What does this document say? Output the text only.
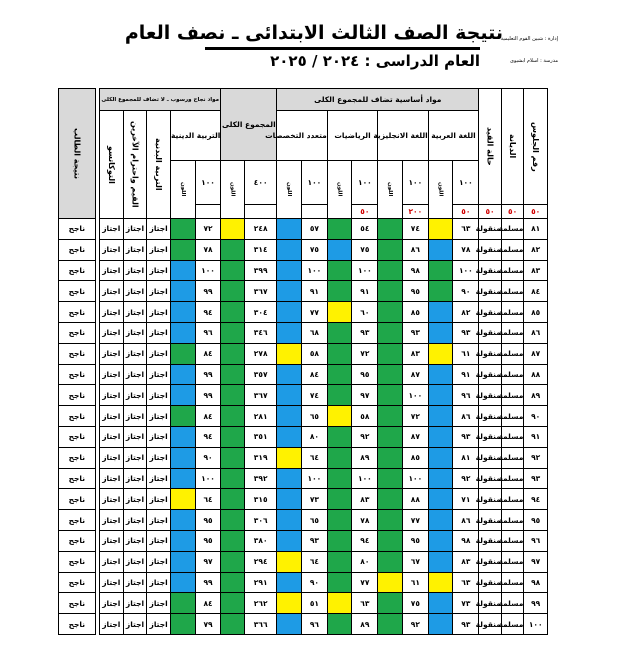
نتيجة الصف الثالث الابتدائى ـ نصف العام
العام الدراسى : ٢٠٢٤ / ٢٠٢٥
إدارة : شبين القوم التعليمية
مدرسة : اسلام ابشيوى
رقم الجلوس	الديانة	حالة القيد	مواد أساسية تضاف للمجموع الكلى								المجموع الكلى		مواد نجاح ورسوب ـ لا تضاف للمجموع الكلى						نتيجة الطالب

			اللغة العربية		اللغة الانجليزية		الرياضيات		متعدد التخصصات				التربية الدينية		التربية البدنية	القيم واحترام الآخرين	التوكاتسو		

			١٠٠	اللون	١٠٠	اللون	١٠٠	اللون	١٠٠	اللون	٤٠٠	اللون	١٠٠	اللون					

٥٠	٥٠	٥٠	٥٠		٢٠٠		٥٠												
٨١	مسلمة	منقولة	٦٣		٧٤		٥٤		٥٧		٢٤٨		٧٢		اجتاز	اجتاز	اجتاز		ناجح
٨٢	مسلمة	منقولة	٧٨		٨٦		٧٥		٧٥		٣١٤		٧٨		اجتاز	اجتاز	اجتاز		ناجح
٨٣	مسلمة	منقولة	١٠٠		٩٨		١٠٠		١٠٠		٣٩٩		١٠٠		اجتاز	اجتاز	اجتاز		ناجح
٨٤	مسلمة	منقولة	٩٠		٩٥		٩١		٩١		٣٦٧		٩٩		اجتاز	اجتاز	اجتاز		ناجح
٨٥	مسلمة	منقولة	٨٢		٨٥		٦٠		٧٧		٣٠٤		٩٤		اجتاز	اجتاز	اجتاز		ناجح
٨٦	مسلمة	منقولة	٩٣		٩٣		٩٣		٦٨		٣٤٦		٩٦		اجتاز	اجتاز	اجتاز		ناجح
٨٧	مسلمة	منقولة	٦١		٨٣		٧٢		٥٨		٢٧٨		٨٤		اجتاز	اجتاز	اجتاز		ناجح
٨٨	مسلمة	منقولة	٩١		٨٧		٩٥		٨٤		٣٥٧		٩٩		اجتاز	اجتاز	اجتاز		ناجح
٨٩	مسلمة	منقولة	٩٦		١٠٠		٩٧		٧٤		٣٦٧		٩٩		اجتاز	اجتاز	اجتاز		ناجح
٩٠	مسلمة	منقولة	٨٦		٧٢		٥٨		٦٥		٢٨١		٨٤		اجتاز	اجتاز	اجتاز		ناجح
٩١	مسلمة	منقولة	٩٣		٨٧		٩٢		٨٠		٣٥١		٩٤		اجتاز	اجتاز	اجتاز		ناجح
٩٢	مسلمة	منقولة	٨١		٨٥		٨٩		٦٤		٣١٩		٩٠		اجتاز	اجتاز	اجتاز		ناجح
٩٣	مسلمة	منقولة	٩٢		١٠٠		١٠٠		١٠٠		٣٩٢		١٠٠		اجتاز	اجتاز	اجتاز		ناجح
٩٤	مسلمة	منقولة	٧١		٨٨		٨٣		٧٣		٣١٥		٦٤		اجتاز	اجتاز	اجتاز		ناجح
٩٥	مسلمة	منقولة	٨٦		٧٧		٧٨		٦٥		٣٠٦		٩٥		اجتاز	اجتاز	اجتاز		ناجح
٩٦	مسلمة	منقولة	٩٨		٩٥		٩٤		٩٣		٣٨٠		٩٥		اجتاز	اجتاز	اجتاز		ناجح
٩٧	مسلمة	منقولة	٨٣		٦٧		٨٠		٦٤		٢٩٤		٩٧		اجتاز	اجتاز	اجتاز		ناجح
٩٨	مسلمة	منقولة	٦٣		٦١		٧٧		٩٠		٢٩١		٩٩		اجتاز	اجتاز	اجتاز		ناجح
٩٩	مسلمة	منقولة	٧٣		٧٥		٦٣		٥١		٢٦٢		٨٤		اجتاز	اجتاز	اجتاز		ناجح
١٠٠	مسلمة	منقولة	٩٣		٩٢		٨٩		٩٦		٣٦٦		٧٩		اجتاز	اجتاز	اجتاز		ناجح
